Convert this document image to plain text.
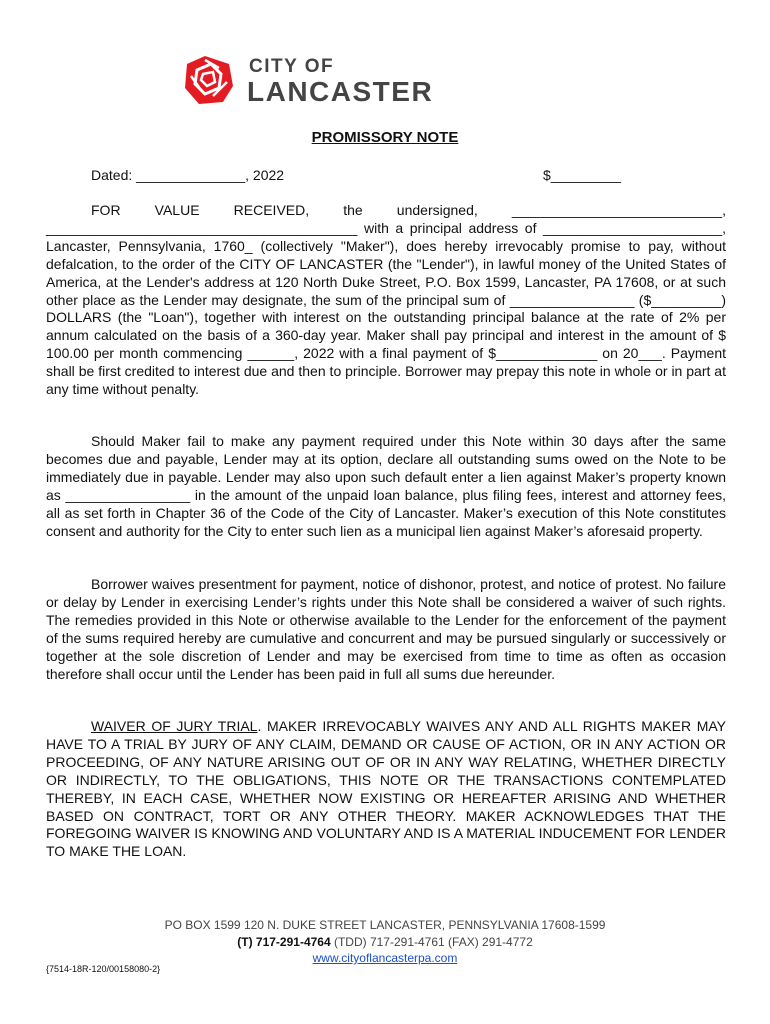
CITY OF
LANCASTER
PROMISSORY NOTE
Dated: ______________, 2022	$_________

FOR VALUE RECEIVED, the undersigned, ___________________________, ________________________________________ with a principal address of _______________________, Lancaster, Pennsylvania, 1760_ (collectively "Maker"), does hereby irrevocably promise to pay, without defalcation, to the order of the CITY OF LANCASTER (the "Lender"), in lawful money of the United States of America, at the Lender's address at 120 North Duke Street, P.O. Box 1599, Lancaster, PA 17608, or at such other place as the Lender may designate, the sum of the principal sum of ________________ ($_________) DOLLARS (the "Loan"), together with interest on the outstanding principal balance at the rate of 2% per annum calculated on the basis of a 360-day year. Maker shall pay principal and interest in the amount of $ 100.00 per month commencing ______, 2022 with a final payment of $_____________ on 20___. Payment shall be first credited to interest due and then to principle. Borrower may prepay this note in whole or in part at any time without penalty.

Should Maker fail to make any payment required under this Note within 30 days after the same becomes due and payable, Lender may at its option, declare all outstanding sums owed on the Note to be immediately due in payable. Lender may also upon such default enter a lien against Maker’s property known as ________________ in the amount of the unpaid loan balance, plus filing fees, interest and attorney fees, all as set forth in Chapter 36 of the Code of the City of Lancaster. Maker’s execution of this Note constitutes consent and authority for the City to enter such lien as a municipal lien against Maker’s aforesaid property.

Borrower waives presentment for payment, notice of dishonor, protest, and notice of protest. No failure or delay by Lender in exercising Lender’s rights under this Note shall be considered a waiver of such rights. The remedies provided in this Note or otherwise available to the Lender for the enforcement of the payment of the sums required hereby are cumulative and concurrent and may be pursued singularly or successively or together at the sole discretion of Lender and may be exercised from time to time as often as occasion therefore shall occur until the Lender has been paid in full all sums due hereunder.

WAIVER OF JURY TRIAL. MAKER IRREVOCABLY WAIVES ANY AND ALL RIGHTS MAKER MAY HAVE TO A TRIAL BY JURY OF ANY CLAIM, DEMAND OR CAUSE OF ACTION, OR IN ANY ACTION OR PROCEEDING, OF ANY NATURE ARISING OUT OF OR IN ANY WAY RELATING, WHETHER DIRECTLY OR INDIRECTLY, TO THE OBLIGATIONS, THIS NOTE OR THE TRANSACTIONS CONTEMPLATED THEREBY, IN EACH CASE, WHETHER NOW EXISTING OR HEREAFTER ARISING AND WHETHER BASED ON CONTRACT, TORT OR ANY OTHER THEORY. MAKER ACKNOWLEDGES THAT THE FOREGOING WAIVER IS KNOWING AND VOLUNTARY AND IS A MATERIAL INDUCEMENT FOR LENDER TO MAKE THE LOAN.

PO BOX 1599 120 N. DUKE STREET LANCASTER, PENNSYLVANIA 17608-1599
(T) 717-291-4764 (TDD) 717-291-4761 (FAX) 291-4772
www.cityoflancasterpa.com
{7514-18R-120/00158080-2}
